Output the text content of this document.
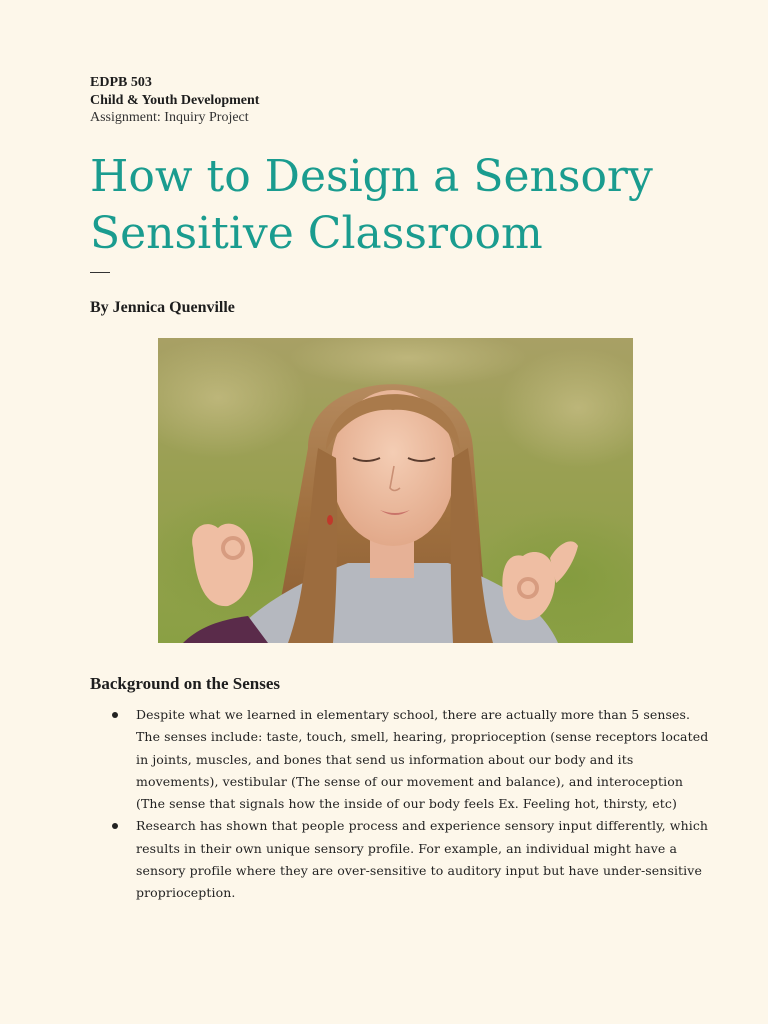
EDPB 503
Child & Youth Development
Assignment: Inquiry Project
How to Design a Sensory
Sensitive Classroom
By Jennica Quenville
Background on the Senses
Despite what we learned in elementary school, there are actually more than 5 senses. The senses include: taste, touch, smell, hearing, proprioception (sense receptors located in joints, muscles, and bones that send us information about our body and its movements), vestibular (The sense of our movement and balance), and interoception (The sense that signals how the inside of our body feels Ex. Feeling hot, thirsty, etc)
Research has shown that people process and experience sensory input differently, which results in their own unique sensory profile. For example, an individual might have a sensory profile where they are over-sensitive to auditory input but have under-sensitive proprioception.
